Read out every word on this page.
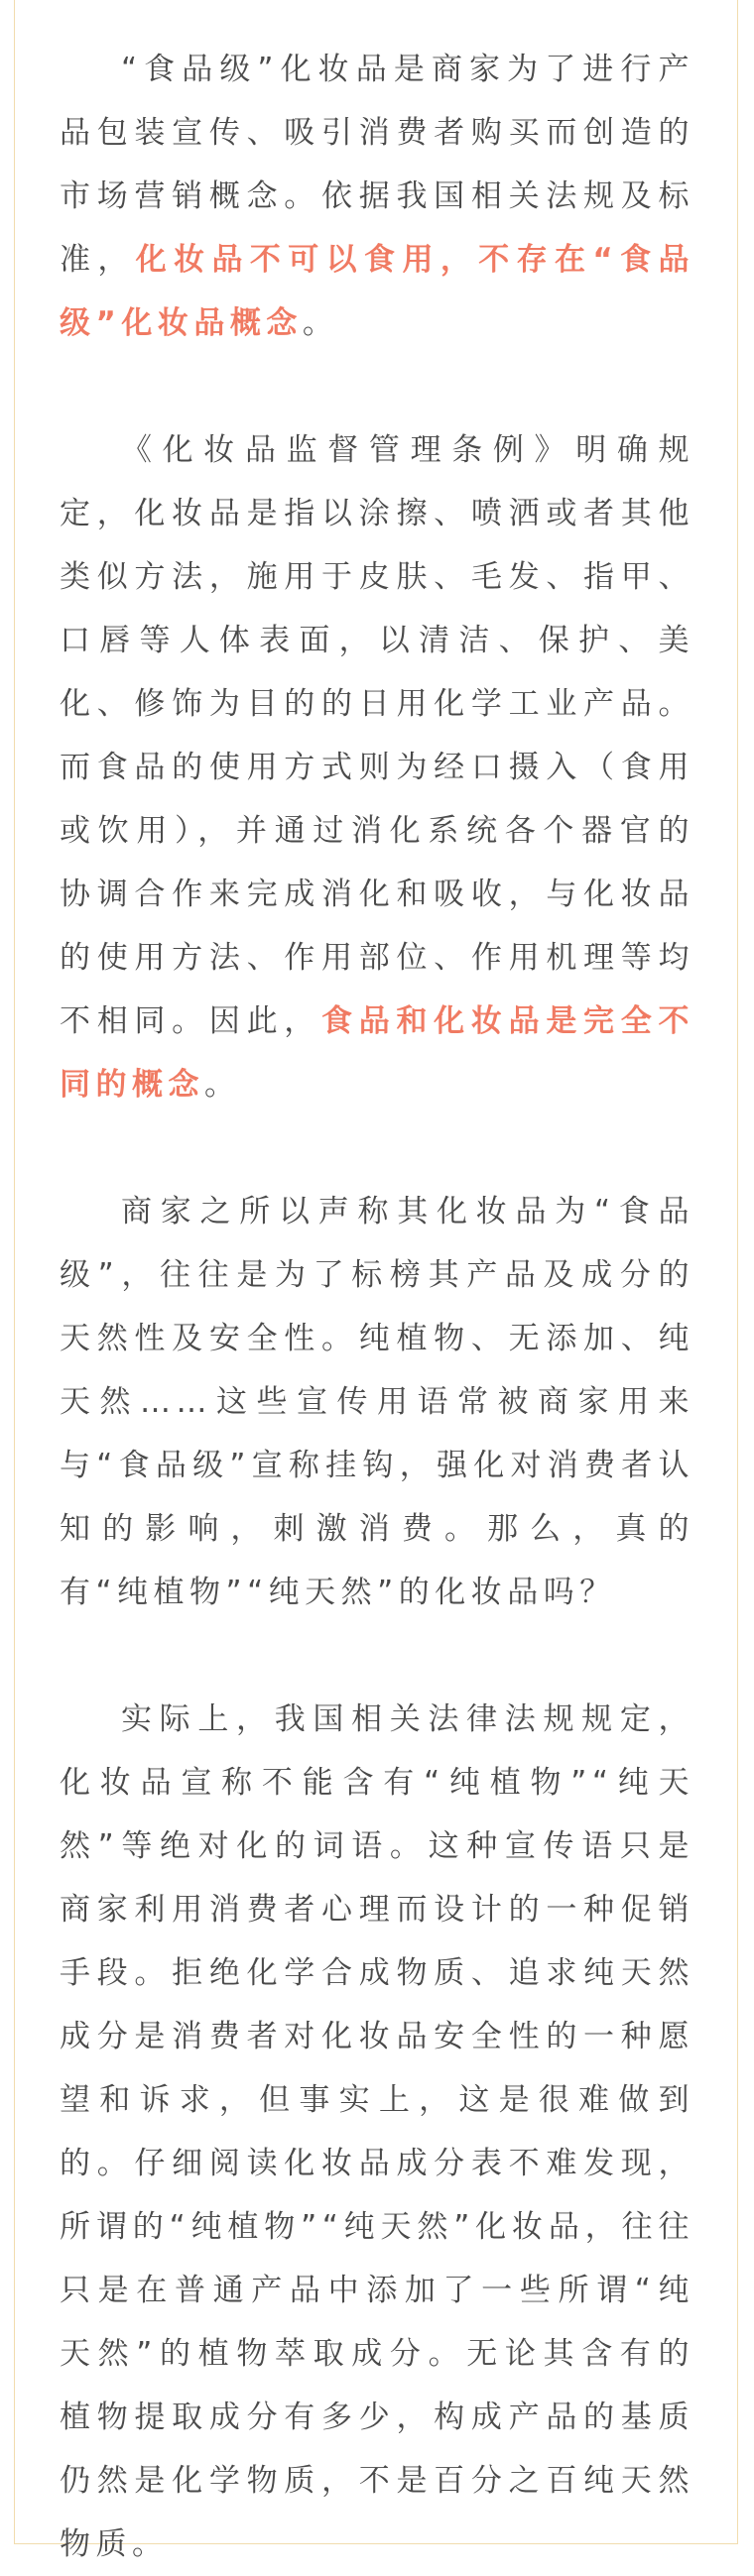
“食品级”化妆品是商家为了进行产品包装宣传、吸引消费者购买而创造的市场营销概念。依据我国相关法规及标准，化妆品不可以食用，不存在“食品级”化妆品概念。

《化妆品监督管理条例》明确规定，化妆品是指以涂擦、喷洒或者其他类似方法，施用于皮肤、毛发、指甲、口唇等人体表面，以清洁、保护、美化、修饰为目的的日用化学工业产品。而食品的使用方式则为经口摄入（食用或饮用），并通过消化系统各个器官的协调合作来完成消化和吸收，与化妆品的使用方法、作用部位、作用机理等均不相同。因此，食品和化妆品是完全不同的概念。

商家之所以声称其化妆品为“食品级”，往往是为了标榜其产品及成分的天然性及安全性。纯植物、无添加、纯天然……这些宣传用语常被商家用来与“食品级”宣称挂钩，强化对消费者认知的影响，刺激消费。那么，真的有“纯植物”“纯天然”的化妆品吗？

实际上，我国相关法律法规规定，化妆品宣称不能含有“纯植物”“纯天然”等绝对化的词语。这种宣传语只是商家利用消费者心理而设计的一种促销手段。拒绝化学合成物质、追求纯天然成分是消费者对化妆品安全性的一种愿望和诉求，但事实上，这是很难做到的。仔细阅读化妆品成分表不难发现，所谓的“纯植物”“纯天然”化妆品，往往只是在普通产品中添加了一些所谓“纯天然”的植物萃取成分。无论其含有的植物提取成分有多少，构成产品的基质仍然是化学物质，不是百分之百纯天然物质。
